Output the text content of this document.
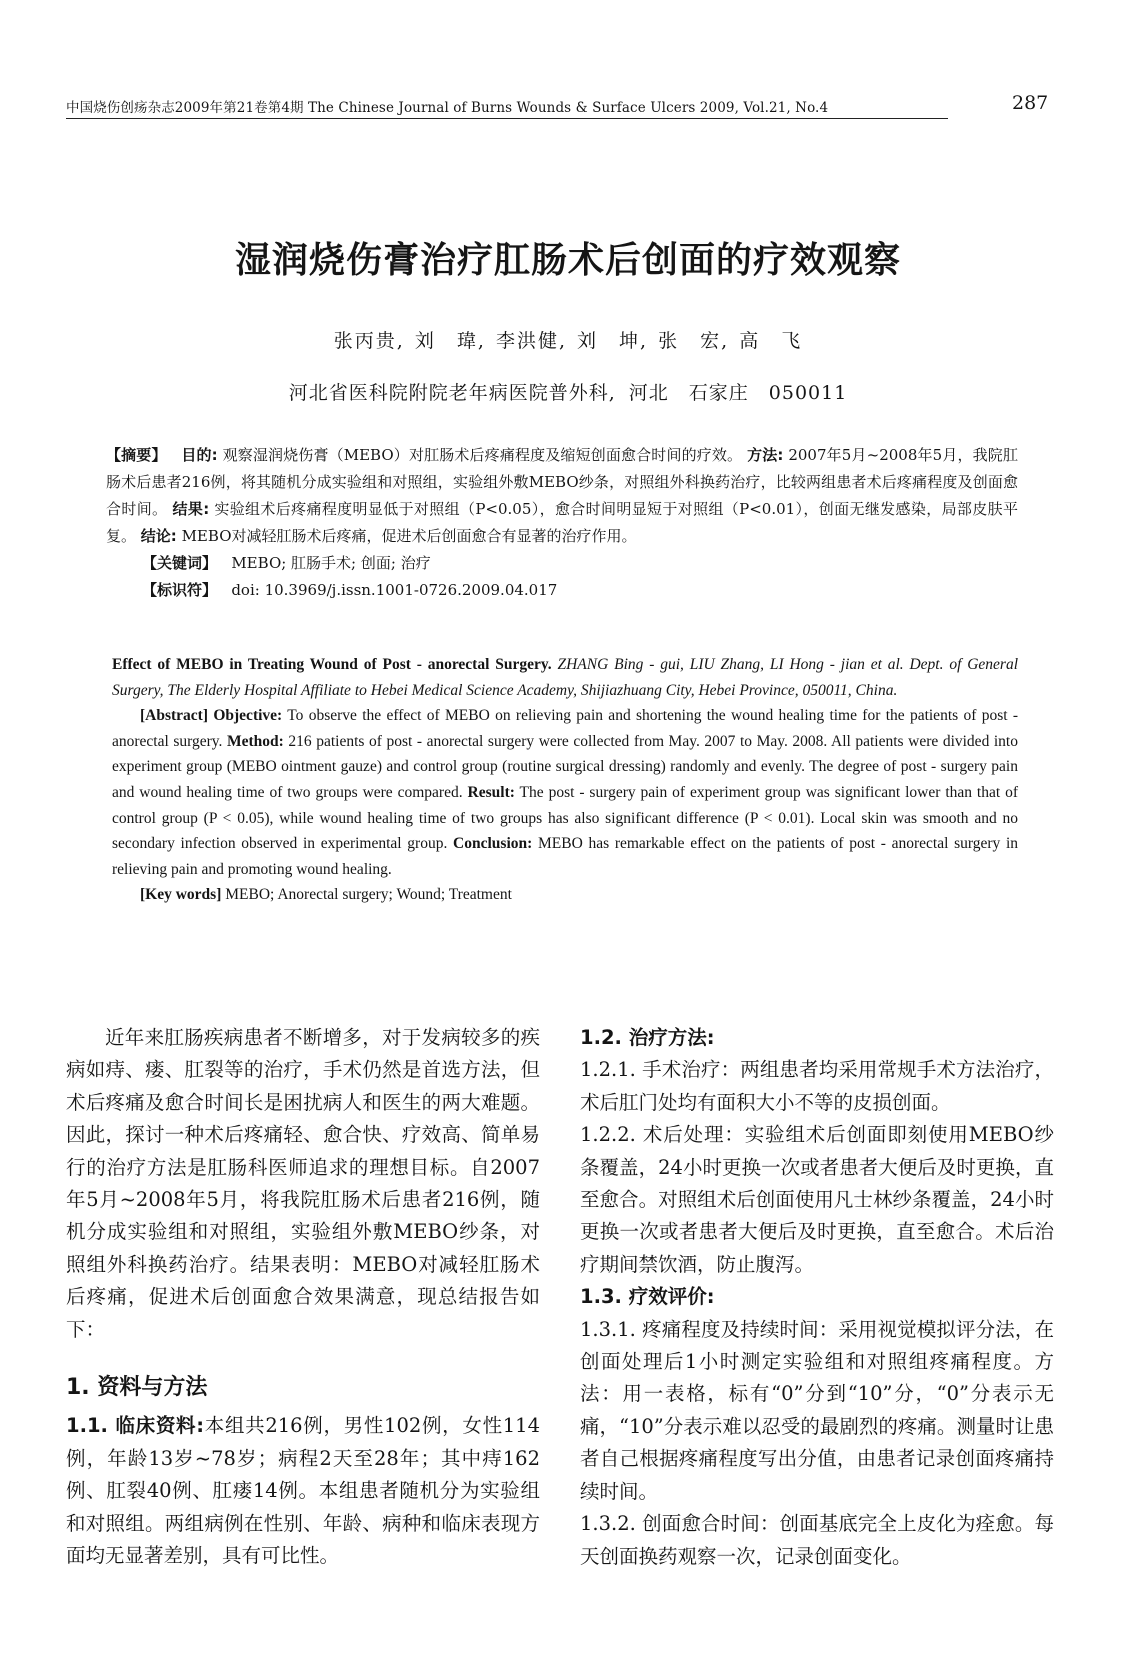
中国烧伤创疡杂志2009年第21卷第4期 The Chinese Journal of Burns Wounds & Surface Ulcers 2009, Vol.21, No.4	287
湿润烧伤膏治疗肛肠术后创面的疗效观察
张丙贵, 刘　瑋, 李洪健, 刘　坤, 张　宏, 高　飞
河北省医科院附院老年病医院普外科, 河北　石家庄　050011

【摘要】 目的: 观察湿润烧伤膏（MEBO）对肛肠术后疼痛程度及缩短创面愈合时间的疗效。 方法: 2007年5月~2008年5月，我院肛肠术后患者216例，将其随机分成实验组和对照组，实验组外敷MEBO纱条，对照组外科换药治疗，比较两组患者术后疼痛程度及创面愈合时间。 结果: 实验组术后疼痛程度明显低于对照组（P<0.05），愈合时间明显短于对照组（P<0.01），创面无继发感染，局部皮肤平复。 结论: MEBO对减轻肛肠术后疼痛，促进术后创面愈合有显著的治疗作用。

【关键词】 MEBO; 肛肠手术; 创面; 治疗

【标识符】 doi: 10.3969/j.issn.1001-0726.2009.04.017

Effect of MEBO in Treating Wound of Post - anorectal Surgery. ZHANG Bing - gui, LIU Zhang, LI Hong - jian et al. Dept. of General Surgery, The Elderly Hospital Affiliate to Hebei Medical Science Academy, Shijiazhuang City, Hebei Province, 050011, China.

[Abstract] Objective: To observe the effect of MEBO on relieving pain and shortening the wound healing time for the patients of post - anorectal surgery. Method: 216 patients of post - anorectal surgery were collected from May. 2007 to May. 2008. All patients were divided into experiment group (MEBO ointment gauze) and control group (routine surgical dressing) randomly and evenly. The degree of post - surgery pain and wound healing time of two groups were compared. Result: The post - surgery pain of experiment group was significant lower than that of control group (P < 0.05), while wound healing time of two groups has also significant difference (P < 0.01). Local skin was smooth and no secondary infection observed in experimental group. Conclusion: MEBO has remarkable effect on the patients of post - anorectal surgery in relieving pain and promoting wound healing.

[Key words] MEBO; Anorectal surgery; Wound; Treatment

近年来肛肠疾病患者不断增多，对于发病较多的疾病如痔、瘘、肛裂等的治疗，手术仍然是首选方法，但术后疼痛及愈合时间长是困扰病人和医生的两大难题。因此，探讨一种术后疼痛轻、愈合快、疗效高、简单易行的治疗方法是肛肠科医师追求的理想目标。自2007年5月~2008年5月，将我院肛肠术后患者216例，随机分成实验组和对照组，实验组外敷MEBO纱条，对照组外科换药治疗。结果表明：MEBO对减轻肛肠术后疼痛，促进术后创面愈合效果满意，现总结报告如下：

1. 资料与方法

1.1. 临床资料:本组共216例，男性102例，女性114例，年龄13岁~78岁；病程2天至28年；其中痔162例、肛裂40例、肛瘘14例。本组患者随机分为实验组和对照组。两组病例在性别、年龄、病种和临床表现方面均无显著差别，具有可比性。

1.2. 治疗方法:

1.2.1. 手术治疗：两组患者均采用常规手术方法治疗，术后肛门处均有面积大小不等的皮损创面。

1.2.2. 术后处理：实验组术后创面即刻使用MEBO纱条覆盖，24小时更换一次或者患者大便后及时更换，直至愈合。对照组术后创面使用凡士林纱条覆盖，24小时更换一次或者患者大便后及时更换，直至愈合。术后治疗期间禁饮酒，防止腹泻。

1.3. 疗效评价:

1.3.1. 疼痛程度及持续时间：采用视觉模拟评分法，在创面处理后1小时测定实验组和对照组疼痛程度。方法：用一表格，标有“0”分到“10”分，“0”分表示无痛，“10”分表示难以忍受的最剧烈的疼痛。测量时让患者自己根据疼痛程度写出分值，由患者记录创面疼痛持续时间。

1.3.2. 创面愈合时间：创面基底完全上皮化为痊愈。每天创面换药观察一次，记录创面变化。
